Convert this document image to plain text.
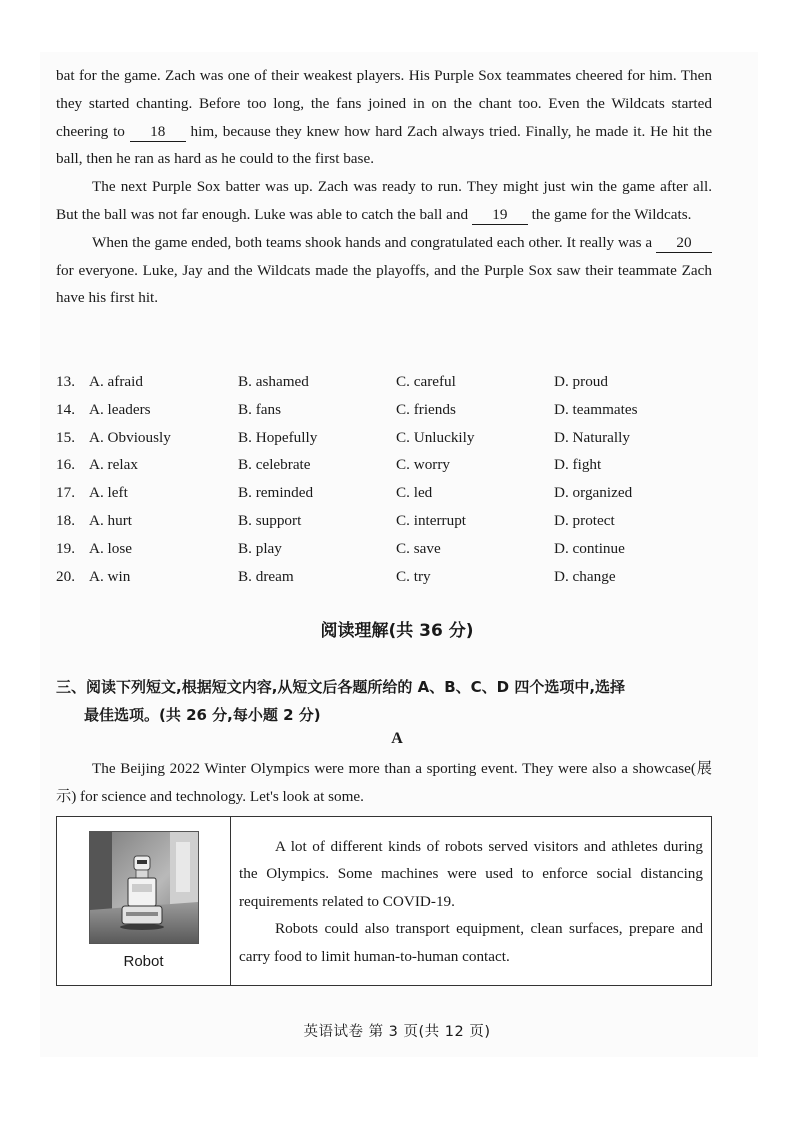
bat for the game. Zach was one of their weakest players. His Purple Sox teammates cheered for him. Then they started chanting. Before too long, the fans joined in on the chant too. Even the Wildcats started cheering to 18 him, because they knew how hard Zach always tried. Finally, he made it. He hit the ball, then he ran as hard as he could to the first base.

The next Purple Sox batter was up. Zach was ready to run. They might just win the game after all. But the ball was not far enough. Luke was able to catch the ball and 19 the game for the Wildcats.

When the game ended, both teams shook hands and congratulated each other. It really was a 20 for everyone. Luke, Jay and the Wildcats made the playoffs, and the Purple Sox saw their teammate Zach have his first hit.

13. A. afraid	B. ashamed	C. careful	D. proud
14. A. leaders	B. fans	C. friends	D. teammates
15. A. Obviously	B. Hopefully	C. Unluckily	D. Naturally
16. A. relax	B. celebrate	C. worry	D. fight
17. A. left	B. reminded	C. led	D. organized
18. A. hurt	B. support	C. interrupt	D. protect
19. A. lose	B. play	C. save	D. continue
20. A. win	B. dream	C. try	D. change
阅读理解(共 36 分)
三、阅读下列短文,根据短文内容,从短文后各题所给的 A、B、C、D 四个选项中,选择
最佳选项。(共 26 分,每小题 2 分)
A

The Beijing 2022 Winter Olympics were more than a sporting event. They were also a showcase(展示) for science and technology. Let's look at some.

Robot

A lot of different kinds of robots served visitors and athletes during the Olympics. Some machines were used to enforce social distancing requirements related to COVID-19.

Robots could also transport equipment, clean surfaces, prepare and carry food to limit human-to-human contact.

英语试卷 第 3 页(共 12 页)
